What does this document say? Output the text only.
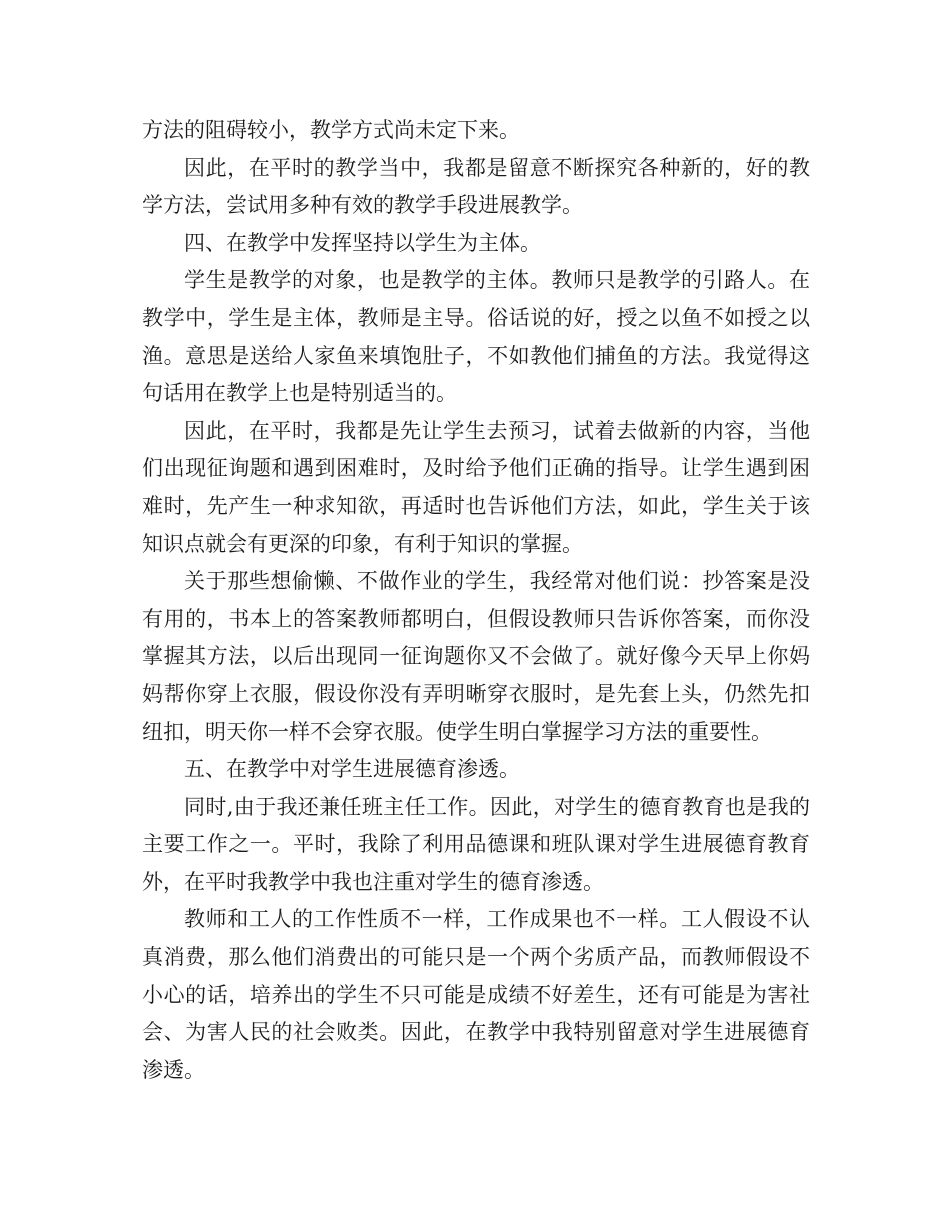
方法的阻碍较小，教学方式尚未定下来。

因此，在平时的教学当中，我都是留意不断探究各种新的，好的教学方法，尝试用多种有效的教学手段进展教学。

四、在教学中发挥坚持以学生为主体。

学生是教学的对象，也是教学的主体。教师只是教学的引路人。在教学中，学生是主体，教师是主导。俗话说的好，授之以鱼不如授之以渔。意思是送给人家鱼来填饱肚子，不如教他们捕鱼的方法。我觉得这句话用在教学上也是特别适当的。

因此，在平时，我都是先让学生去预习，试着去做新的内容，当他们出现征询题和遇到困难时，及时给予他们正确的指导。让学生遇到困难时，先产生一种求知欲，再适时也告诉他们方法，如此，学生关于该知识点就会有更深的印象，有利于知识的掌握。

关于那些想偷懒、不做作业的学生，我经常对他们说：抄答案是没有用的，书本上的答案教师都明白，但假设教师只告诉你答案，而你没掌握其方法，以后出现同一征询题你又不会做了。就好像今天早上你妈妈帮你穿上衣服，假设你没有弄明晰穿衣服时，是先套上头，仍然先扣纽扣，明天你一样不会穿衣服。使学生明白掌握学习方法的重要性。

五、在教学中对学生进展德育渗透。

同时,由于我还兼任班主任工作。因此，对学生的德育教育也是我的主要工作之一。平时，我除了利用品德课和班队课对学生进展德育教育外，在平时我教学中我也注重对学生的德育渗透。

教师和工人的工作性质不一样，工作成果也不一样。工人假设不认真消费，那么他们消费出的可能只是一个两个劣质产品，而教师假设不小心的话，培养出的学生不只可能是成绩不好差生，还有可能是为害社会、为害人民的社会败类。因此，在教学中我特别留意对学生进展德育渗透。
